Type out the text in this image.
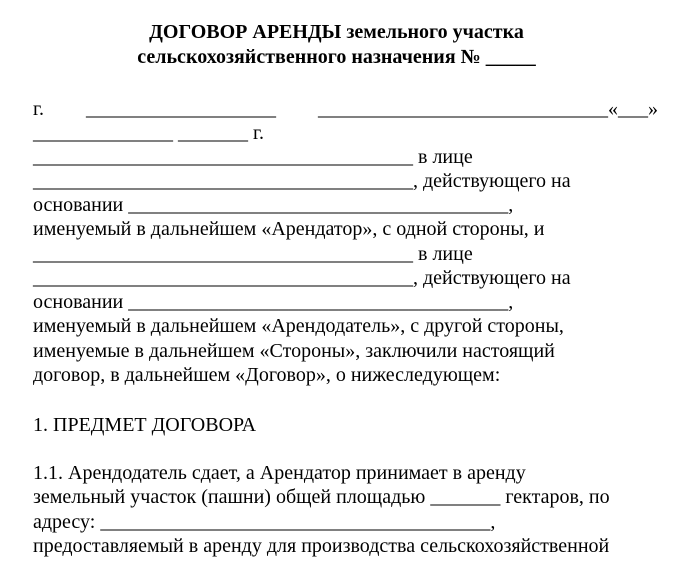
ДОГОВОР АРЕНДЫ земельного участка
сельскохозяйственного назначения № _____
г. ___________________ _____________________________«___»
______________ _______ г.
______________________________________ в лице
______________________________________, действующего на
основании ______________________________________,
именуемый в дальнейшем «Арендатор», с одной стороны, и
______________________________________ в лице
______________________________________, действующего на
основании ______________________________________,
именуемый в дальнейшем «Арендодатель», с другой стороны,
именуемые в дальнейшем «Стороны», заключили настоящий
договор, в дальнейшем «Договор», о нижеследующем:
1. ПРЕДМЕТ ДОГОВОРА
1.1. Арендодатель сдает, а Арендатор принимает в аренду
земельный участок (пашни) общей площадью _______ гектаров, по
адресу: _______________________________________,
предоставляемый в аренду для производства сельскохозяйственной
